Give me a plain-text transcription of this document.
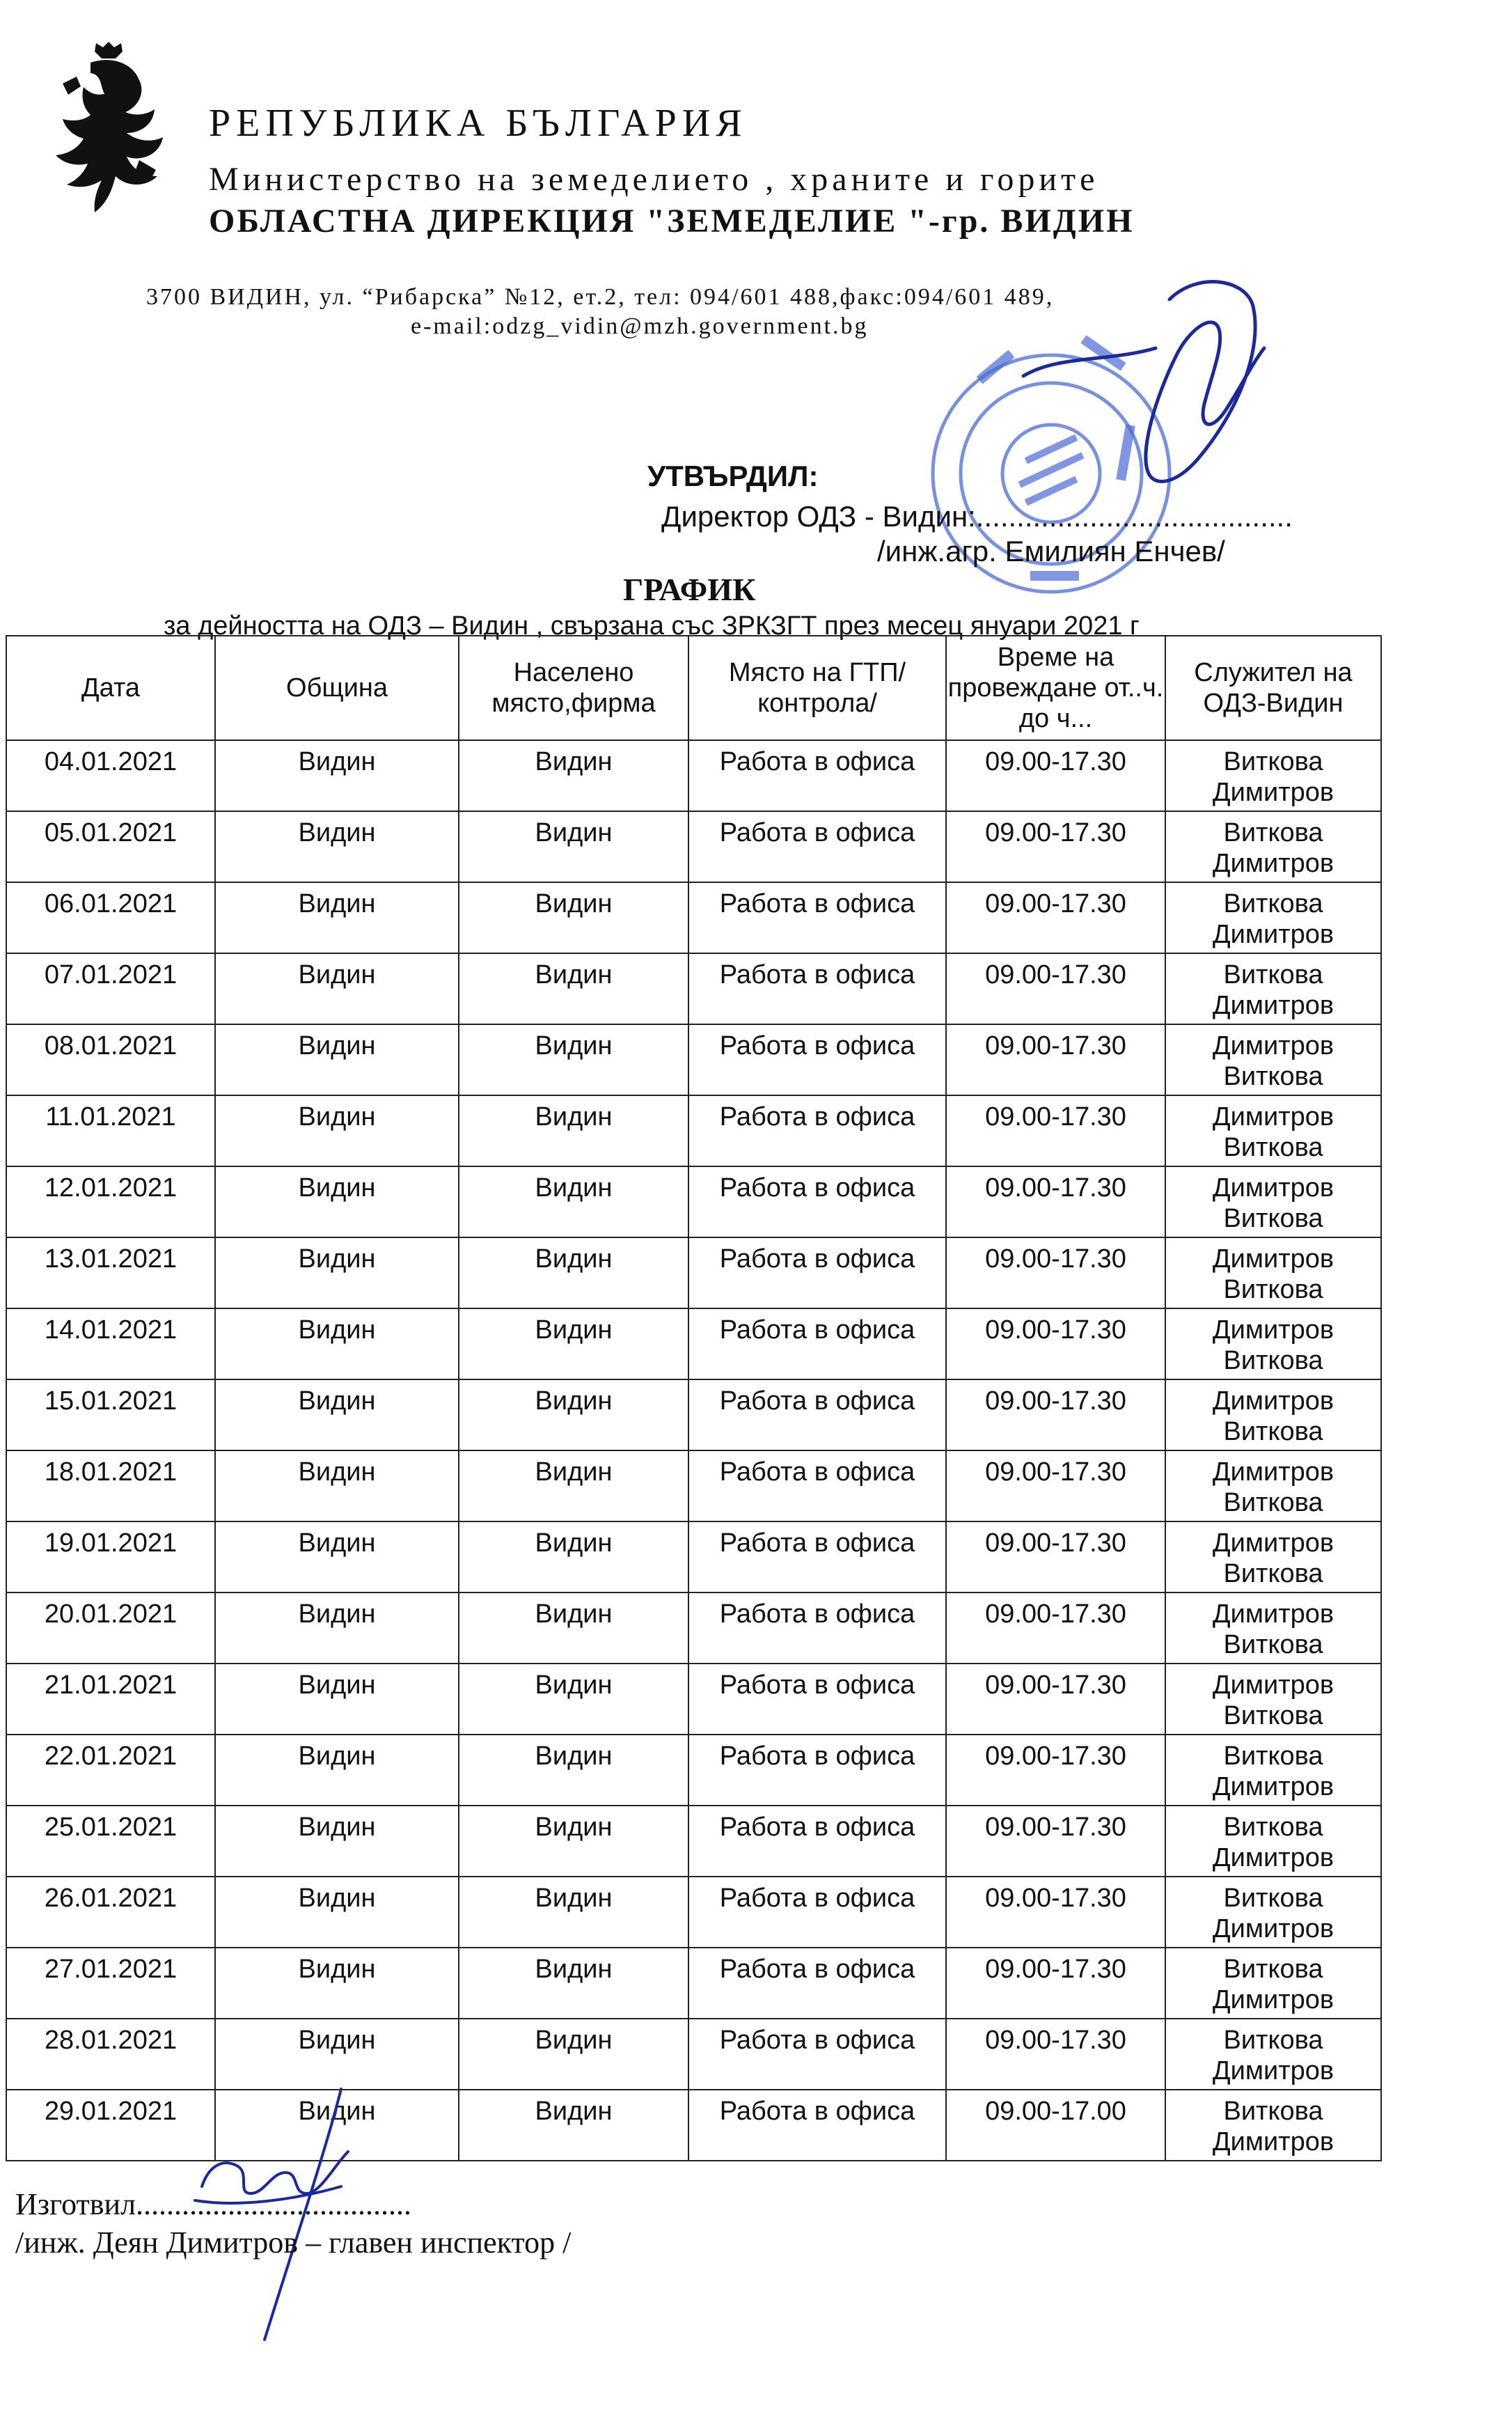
РЕПУБЛИКА БЪЛГАРИЯ
Министерство на земеделието , храните и горите
ОБЛАСТНА ДИРЕКЦИЯ "ЗЕМЕДЕЛИЕ "-гр. ВИДИН
3700 ВИДИН, ул. “Рибарска” №12, ет.2, тел: 094/601 488,факс:094/601 489,
e-mail:odzg_vidin@mzh.government.bg
УТВЪРДИЛ:
Директор ОДЗ - Видин:.......................................
/инж.агр. Емилиян Енчев/
ГРАФИК
за дейността на ОДЗ – Видин , свързана със ЗРКЗГТ през месец януари 2021 г
Дата	Община	Населено място,фирма	Място на ГТП/контрола/	Време на провеждане от..ч. до ч...	Служител на ОДЗ-Видин
04.01.2021	Видин	Видин	Работа в офиса	09.00-17.30	Виткова
Димитров

05.01.2021	Видин	Видин	Работа в офиса	09.00-17.30	Виткова
Димитров

06.01.2021	Видин	Видин	Работа в офиса	09.00-17.30	Виткова
Димитров

07.01.2021	Видин	Видин	Работа в офиса	09.00-17.30	Виткова
Димитров

08.01.2021	Видин	Видин	Работа в офиса	09.00-17.30	Димитров
Виткова

11.01.2021	Видин	Видин	Работа в офиса	09.00-17.30	Димитров
Виткова

12.01.2021	Видин	Видин	Работа в офиса	09.00-17.30	Димитров
Виткова

13.01.2021	Видин	Видин	Работа в офиса	09.00-17.30	Димитров
Виткова

14.01.2021	Видин	Видин	Работа в офиса	09.00-17.30	Димитров
Виткова

15.01.2021	Видин	Видин	Работа в офиса	09.00-17.30	Димитров
Виткова

18.01.2021	Видин	Видин	Работа в офиса	09.00-17.30	Димитров
Виткова

19.01.2021	Видин	Видин	Работа в офиса	09.00-17.30	Димитров
Виткова

20.01.2021	Видин	Видин	Работа в офиса	09.00-17.30	Димитров
Виткова

21.01.2021	Видин	Видин	Работа в офиса	09.00-17.30	Димитров
Виткова

22.01.2021	Видин	Видин	Работа в офиса	09.00-17.30	Виткова
Димитров

25.01.2021	Видин	Видин	Работа в офиса	09.00-17.30	Виткова
Димитров

26.01.2021	Видин	Видин	Работа в офиса	09.00-17.30	Виткова
Димитров

27.01.2021	Видин	Видин	Работа в офиса	09.00-17.30	Виткова
Димитров

28.01.2021	Видин	Видин	Работа в офиса	09.00-17.30	Виткова
Димитров

29.01.2021	Видин	Видин	Работа в офиса	09.00-17.00	Виткова
Димитров
Изготвил....................................
/инж. Деян Димитров – главен инспектор /
